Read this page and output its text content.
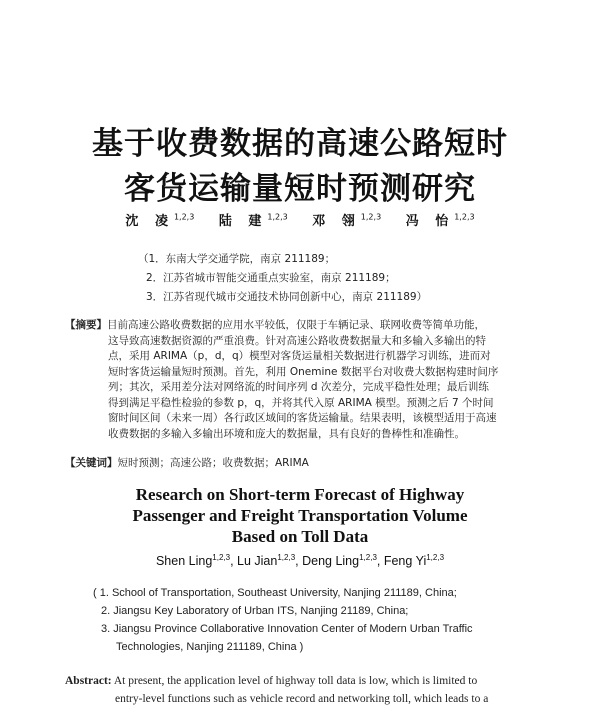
基于收费数据的高速公路短时
客货运输量短时预测研究
沈 凌$^{1,2,3}$ 陆 建$^{1,2,3}$ 邓 翎$^{1,2,3}$ 冯 怡$^{1,2,3}$
（1．东南大学交通学院，南京 211189；
2．江苏省城市智能交通重点实验室，南京 211189；
3．江苏省现代城市交通技术协同创新中心，南京 211189）
【摘要】目前高速公路收费数据的应用水平较低，仅限于车辆记录、联网收费等简单功能，
这导致高速数据资源的严重浪费。针对高速公路收费数据量大和多输入多输出的特
点，采用 ARIMA（p，d，q）模型对客货运量相关数据进行机器学习训练，进而对
短时客货运输量短时预测。首先，利用 Onemine 数据平台对收费大数据构建时间序
列；其次，采用差分法对网络流的时间序列 d 次差分，完成平稳性处理；最后训练
得到满足平稳性检验的参数 p，q，并将其代入原 ARIMA 模型。预测之后 7 个时间
窗时间区间（未来一周）各行政区域间的客货运输量。结果表明，该模型适用于高速
收费数据的多输入多输出环境和庞大的数据量，具有良好的鲁棒性和准确性。
【关键词】短时预测；高速公路；收费数据；ARIMA
Research on Short-term Forecast of Highway
Passenger and Freight Transportation Volume
Based on Toll Data
Shen Ling$^{1,2,3}$, Lu Jian$^{1,2,3}$, Deng Ling$^{1,2,3}$, Feng Yi$^{1,2,3}$
( 1. School of Transportation, Southeast University, Nanjing 211189, China;
2. Jiangsu Key Laboratory of Urban ITS, Nanjing 21189, China;
3. Jiangsu Province Collaborative Innovation Center of Modern Urban Traffic
Technologies, Nanjing 211189, China )
Abstract: At present, the application level of highway toll data is low, which is limited to
entry-level functions such as vehicle record and networking toll, which leads to a
